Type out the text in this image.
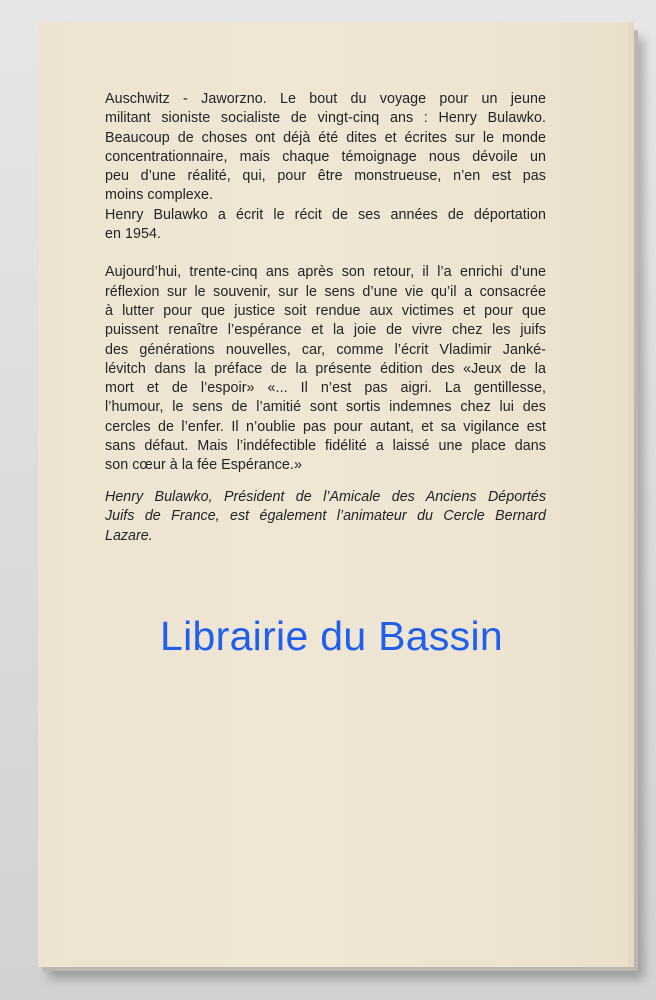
Auschwitz - Jaworzno. Le bout du voyage pour un jeune
militant sioniste socialiste de vingt-cinq ans : Henry Bulawko.
Beaucoup de choses ont déjà été dites et écrites sur le monde
concentrationnaire, mais chaque témoignage nous dévoile un
peu d’une réalité, qui, pour être monstrueuse, n’en est pas
moins complexe.

Henry Bulawko a écrit le récit de ses années de déportation
en 1954.

Aujourd’hui, trente-cinq ans après son retour, il l’a enrichi d’une
réflexion sur le souvenir, sur le sens d’une vie qu’il a consacrée
à lutter pour que justice soit rendue aux victimes et pour que
puissent renaître l’espérance et la joie de vivre chez les juifs
des générations nouvelles, car, comme l’écrit Vladimir Janké-
lévitch dans la préface de la présente édition des «Jeux de la
mort et de l’espoir» «... Il n’est pas aigri. La gentillesse,
l’humour, le sens de l’amitié sont sortis indemnes chez lui des
cercles de l’enfer. Il n’oublie pas pour autant, et sa vigilance est
sans défaut. Mais l’indéfectible fidélité a laissé une place dans
son cœur à la fée Espérance.»

Henry Bulawko, Président de l’Amicale des Anciens Déportés
Juifs de France, est également l’animateur du Cercle Bernard
Lazare.
Librairie du Bassin
